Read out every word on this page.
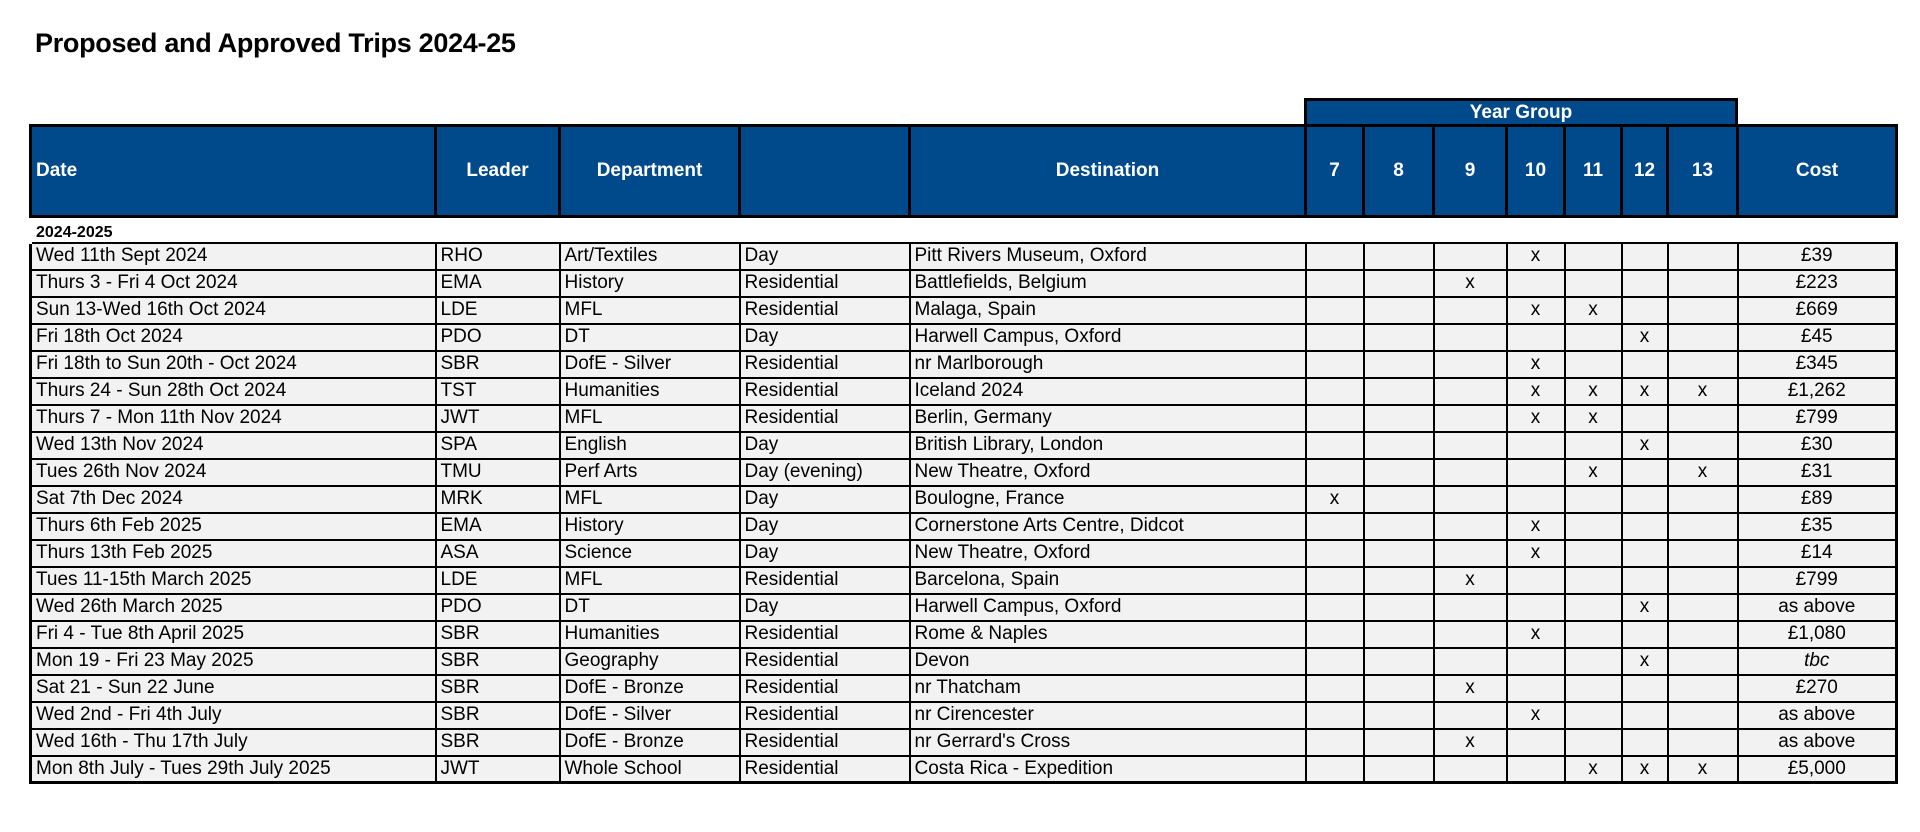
Proposed and Approved Trips 2024-25
Year Group
Date	Leader	Department		Destination	7	8	9	10	11	12	13	Cost
2024-2025												
Wed 11th Sept 2024	RHO	Art/Textiles	Day	Pitt Rivers Museum, Oxford				x				£39
Thurs 3 - Fri 4 Oct 2024	EMA	History	Residential	Battlefields, Belgium			x					£223
Sun 13-Wed 16th Oct 2024	LDE	MFL	Residential	Malaga, Spain				x	x			£669
Fri 18th Oct 2024	PDO	DT	Day	Harwell Campus, Oxford						x		£45
Fri 18th to Sun 20th - Oct 2024	SBR	DofE - Silver	Residential	nr Marlborough				x				£345
Thurs 24 - Sun 28th Oct 2024	TST	Humanities	Residential	Iceland 2024				x	x	x	x	£1,262
Thurs 7 - Mon 11th Nov 2024	JWT	MFL	Residential	Berlin, Germany				x	x			£799
Wed 13th Nov 2024	SPA	English	Day	British Library, London						x		£30
Tues 26th Nov 2024	TMU	Perf Arts	Day (evening)	New Theatre, Oxford					x		x	£31
Sat 7th Dec 2024	MRK	MFL	Day	Boulogne, France	x							£89
Thurs 6th Feb 2025	EMA	History	Day	Cornerstone Arts Centre, Didcot				x				£35
Thurs 13th Feb 2025	ASA	Science	Day	New Theatre, Oxford				x				£14
Tues 11-15th March 2025	LDE	MFL	Residential	Barcelona, Spain			x					£799
Wed 26th March 2025	PDO	DT	Day	Harwell Campus, Oxford						x		as above
Fri 4 - Tue 8th April 2025	SBR	Humanities	Residential	Rome & Naples				x				£1,080
Mon 19 - Fri 23 May 2025	SBR	Geography	Residential	Devon						x		tbc
Sat 21 - Sun 22 June	SBR	DofE - Bronze	Residential	nr Thatcham			x					£270
Wed 2nd - Fri 4th July	SBR	DofE - Silver	Residential	nr Cirencester				x				as above
Wed 16th - Thu 17th July	SBR	DofE - Bronze	Residential	nr Gerrard's Cross			x					as above
Mon 8th July - Tues 29th July 2025	JWT	Whole School	Residential	Costa Rica - Expedition					x	x	x	£5,000
